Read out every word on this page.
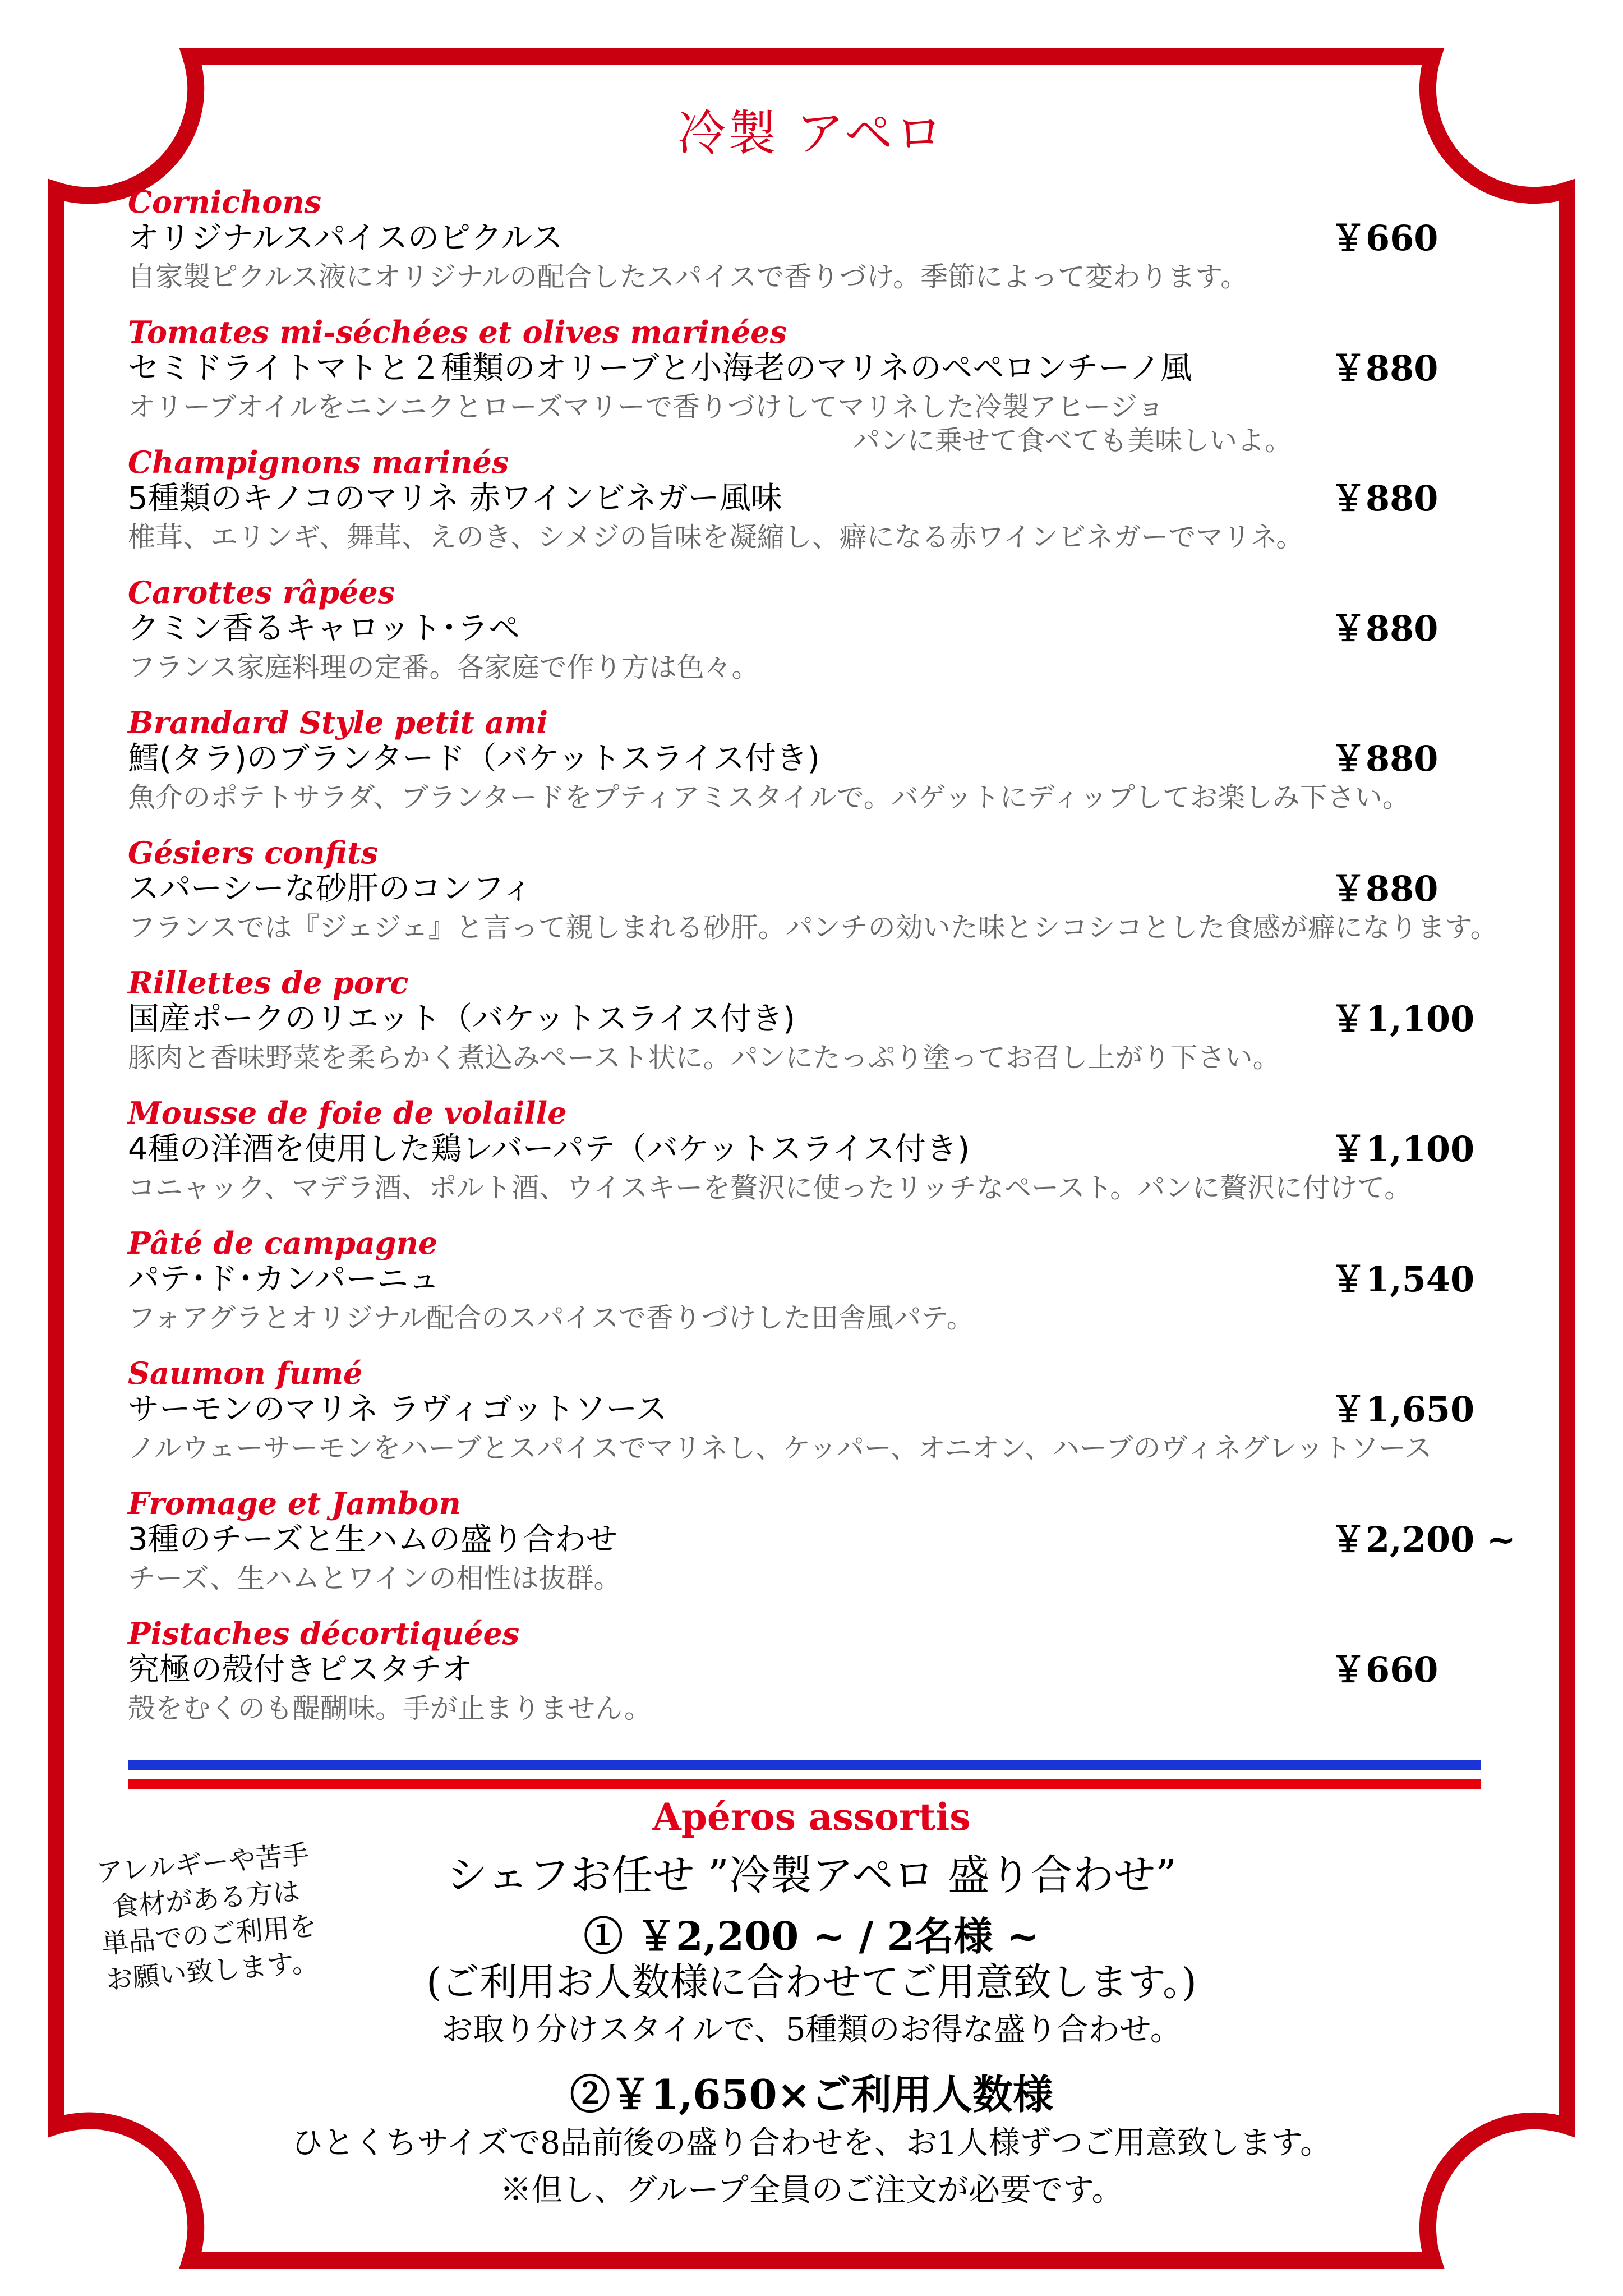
冷製 アペロ
Cornichons
オリジナルスパイスのピクルス	￥660
自家製ピクルス液にオリジナルの配合したスパイスで香りづけ。季節によって変わります。
Tomates mi-séchées et olives marinées
セミドライトマトと２種類のオリーブと小海老のマリネのペペロンチーノ風	￥880
オリーブオイルをニンニクとローズマリーで香りづけしてマリネした冷製アヒージョ
パンに乗せて食べても美味しいよ。
Champignons marinés
5種類のキノコのマリネ 赤ワインビネガー風味	￥880
椎茸、エリンギ、舞茸、えのき、シメジの旨味を凝縮し、癖になる赤ワインビネガーでマリネ。
Carottes râpées
クミン香るキャロット･ラペ	￥880
フランス家庭料理の定番。各家庭で作り方は色々。
Brandard Style petit ami
鱈(タラ)のブランタード（バケットスライス付き)	￥880
魚介のポテトサラダ、ブランタードをプティアミスタイルで。バゲットにディップしてお楽しみ下さい。
Gésiers confits
スパーシーな砂肝のコンフィ	￥880
フランスでは『ジェジェ』と言って親しまれる砂肝。パンチの効いた味とシコシコとした食感が癖になります。
Rillettes de porc
国産ポークのリエット（バケットスライス付き)	￥1,100
豚肉と香味野菜を柔らかく煮込みペースト状に。パンにたっぷり塗ってお召し上がり下さい。
Mousse de foie de volaille
4種の洋酒を使用した鶏レバーパテ（バケットスライス付き)	￥1,100
コニャック、マデラ酒、ポルト酒、ウイスキーを贅沢に使ったリッチなペースト。パンに贅沢に付けて。
Pâté de campagne
パテ･ド･カンパーニュ	￥1,540
フォアグラとオリジナル配合のスパイスで香りづけした田舎風パテ。
Saumon fumé
サーモンのマリネ ラヴィゴットソース	￥1,650
ノルウェーサーモンをハーブとスパイスでマリネし、ケッパー、オニオン、ハーブのヴィネグレットソース
Fromage et Jambon
3種のチーズと生ハムの盛り合わせ	￥2,200 ~
チーズ、生ハムとワインの相性は抜群。
Pistaches décortiquées
究極の殻付きピスタチオ	￥660
殻をむくのも醍醐味。手が止まりません。
Apéros assortis
シェフお任せ ”冷製アペロ 盛り合わせ”
① ￥2,200 ~ / 2名様 ~
(ご利用お人数様に合わせてご用意致します。)
お取り分けスタイルで、5種類のお得な盛り合わせ。
②￥1,650×ご利用人数様
ひとくちサイズで8品前後の盛り合わせを、お1人様ずつご用意致します。
※但し、グループ全員のご注文が必要です。
アレルギーや苦手
食材がある方は
単品でのご利用を
お願い致します。
